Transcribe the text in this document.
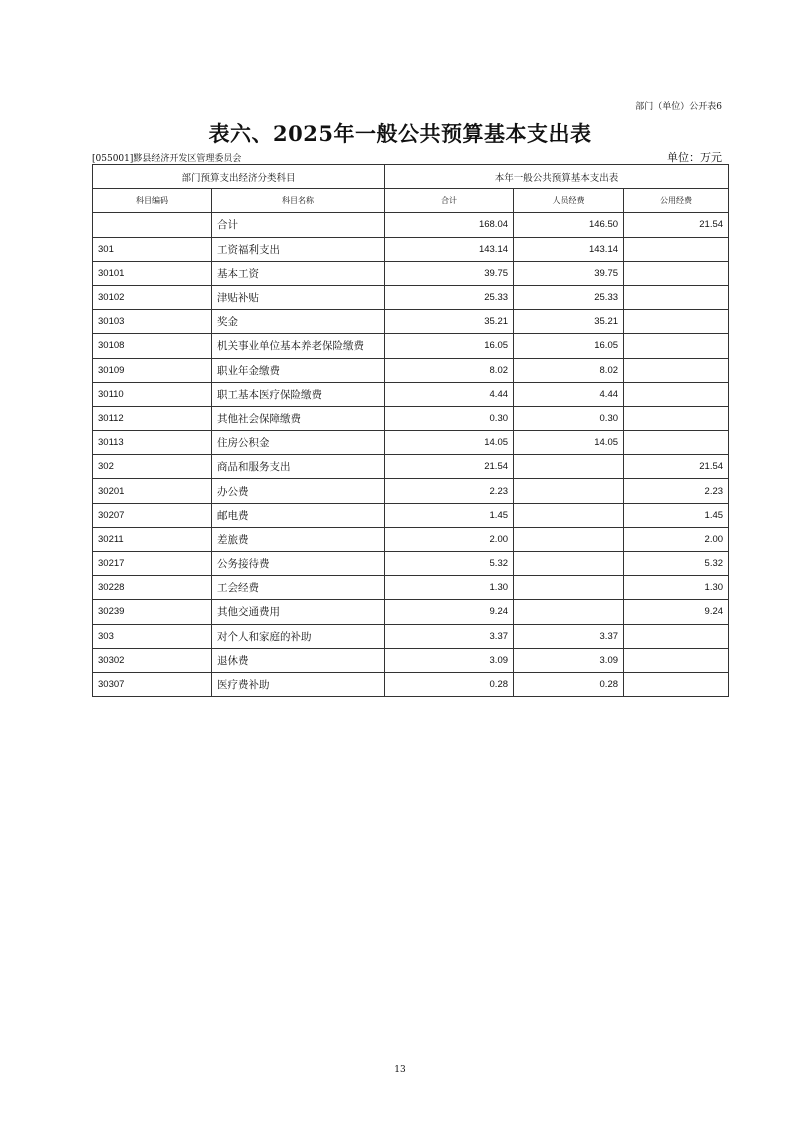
部门（单位）公开表6
表六、2025年一般公共预算基本支出表
[055001]黟县经济开发区管理委员会	单位：万元
部门预算支出经济分类科目		本年一般公共预算基本支出表		
科目编码	科目名称	合计	人员经费	公用经费
	合计	168.04	146.50	21.54
301	工资福利支出	143.14	143.14	
30101	基本工资	39.75	39.75	
30102	津贴补贴	25.33	25.33	
30103	奖金	35.21	35.21	
30108	机关事业单位基本养老保险缴费	16.05	16.05	
30109	职业年金缴费	8.02	8.02	
30110	职工基本医疗保险缴费	4.44	4.44	
30112	其他社会保障缴费	0.30	0.30	
30113	住房公积金	14.05	14.05	
302	商品和服务支出	21.54		21.54
30201	办公费	2.23		2.23
30207	邮电费	1.45		1.45
30211	差旅费	2.00		2.00
30217	公务接待费	5.32		5.32
30228	工会经费	1.30		1.30
30239	其他交通费用	9.24		9.24
303	对个人和家庭的补助	3.37	3.37	
30302	退休费	3.09	3.09	
30307	医疗费补助	0.28	0.28	
13
